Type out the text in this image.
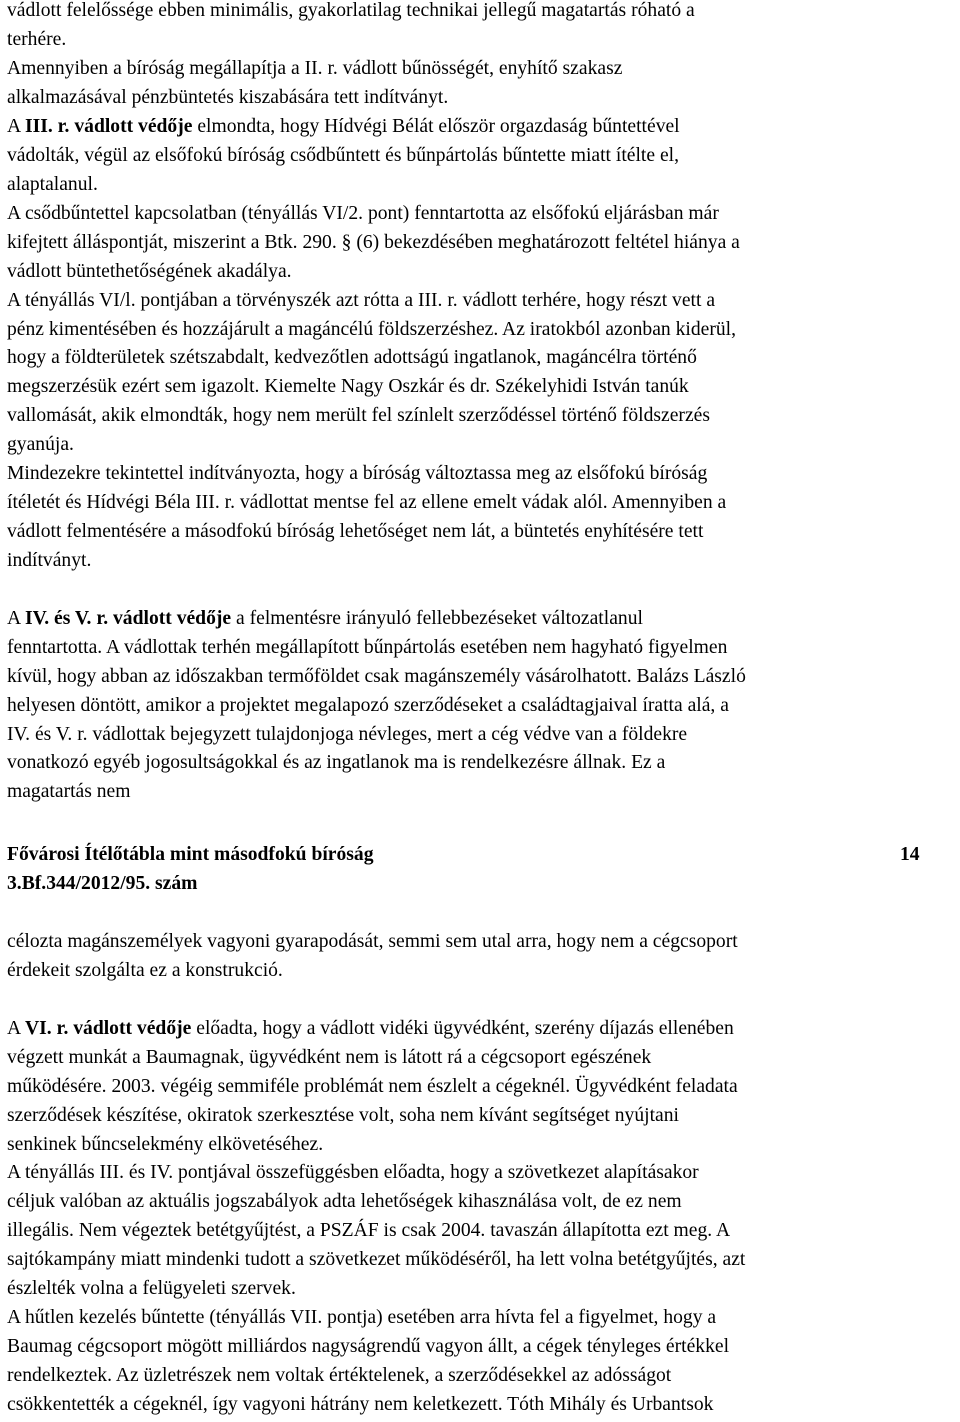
vádlott felelőssége ebben minimális, gyakorlatilag technikai jellegű magatartás róható a
terhére.
Amennyiben a bíróság megállapítja a II. r. vádlott bűnösségét, enyhítő szakasz
alkalmazásával pénzbüntetés kiszabására tett indítványt.
A III. r. vádlott védője elmondta, hogy Hídvégi Bélát először orgazdaság bűntettével
vádolták, végül az elsőfokú bíróság csődbűntett és bűnpártolás bűntette miatt ítélte el,
alaptalanul.
A csődbűntettel kapcsolatban (tényállás VI/2. pont) fenntartotta az elsőfokú eljárásban már
kifejtett álláspontját, miszerint a Btk. 290. § (6) bekezdésében meghatározott feltétel hiánya a
vádlott büntethetőségének akadálya.
A tényállás VI/l. pontjában a törvényszék azt rótta a III. r. vádlott terhére, hogy részt vett a
pénz kimentésében és hozzájárult a magáncélú földszerzéshez. Az iratokból azonban kiderül,
hogy a földterületek szétszabdalt, kedvezőtlen adottságú ingatlanok, magáncélra történő
megszerzésük ezért sem igazolt. Kiemelte Nagy Oszkár és dr. Székelyhidi István tanúk
vallomását, akik elmondták, hogy nem merült fel színlelt szerződéssel történő földszerzés
gyanúja.
Mindezekre tekintettel indítványozta, hogy a bíróság változtassa meg az elsőfokú bíróság
ítéletét és Hídvégi Béla III. r. vádlottat mentse fel az ellene emelt vádak alól. Amennyiben a
vádlott felmentésére a másodfokú bíróság lehetőséget nem lát, a büntetés enyhítésére tett
indítványt.
A IV. és V. r. vádlott védője a felmentésre irányuló fellebbezéseket változatlanul
fenntartotta. A vádlottak terhén megállapított bűnpártolás esetében nem hagyható figyelmen
kívül, hogy abban az időszakban termőföldet csak magánszemély vásárolhatott. Balázs László
helyesen döntött, amikor a projektet megalapozó szerződéseket a családtagjaival íratta alá, a
IV. és V. r. vádlottak bejegyzett tulajdonjoga névleges, mert a cég védve van a földekre
vonatkozó egyéb jogosultságokkal és az ingatlanok ma is rendelkezésre állnak. Ez a
magatartás nem
Fővárosi Ítélőtábla mint másodfokú bíróság	14
3.Bf.344/2012/95. szám
célozta magánszemélyek vagyoni gyarapodását, semmi sem utal arra, hogy nem a cégcsoport
érdekeit szolgálta ez a konstrukció.
A VI. r. vádlott védője előadta, hogy a vádlott vidéki ügyvédként, szerény díjazás ellenében
végzett munkát a Baumagnak, ügyvédként nem is látott rá a cégcsoport egészének
működésére. 2003. végéig semmiféle problémát nem észlelt a cégeknél. Ügyvédként feladata
szerződések készítése, okiratok szerkesztése volt, soha nem kívánt segítséget nyújtani
senkinek bűncselekmény elkövetéséhez.
A tényállás III. és IV. pontjával összefüggésben előadta, hogy a szövetkezet alapításakor
céljuk valóban az aktuális jogszabályok adta lehetőségek kihasználása volt, de ez nem
illegális. Nem végeztek betétgyűjtést, a PSZÁF is csak 2004. tavaszán állapította ezt meg. A
sajtókampány miatt mindenki tudott a szövetkezet működéséről, ha lett volna betétgyűjtés, azt
észlelték volna a felügyeleti szervek.
A hűtlen kezelés bűntette (tényállás VII. pontja) esetében arra hívta fel a figyelmet, hogy a
Baumag cégcsoport mögött milliárdos nagyságrendű vagyon állt, a cégek tényleges értékkel
rendelkeztek. Az üzletrészek nem voltak értéktelenek, a szerződésekkel az adósságot
csökkentették a cégeknél, így vagyoni hátrány nem keletkezett. Tóth Mihály és Urbantsok
